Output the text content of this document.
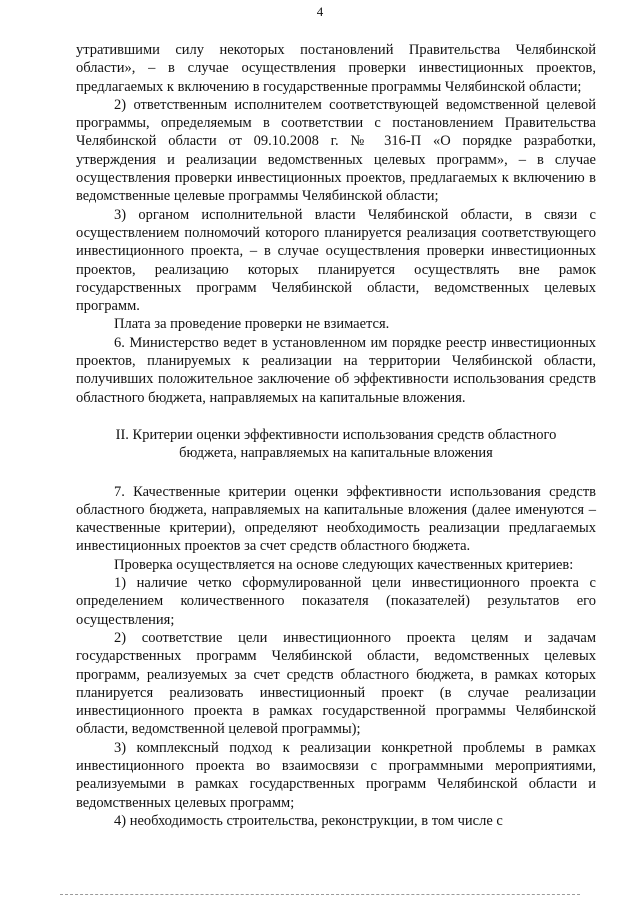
4

утратившими силу некоторых постановлений Правительства Челябинской области», – в случае осуществления проверки инвестиционных проектов, предлагаемых к включению в государственные программы Челябинской области;

2) ответственным исполнителем соответствующей ведомственной целевой программы, определяемым в соответствии с постановлением Правительства Челябинской области от 09.10.2008 г. № 316-П «О порядке разработки, утверждения и реализации ведомственных целевых программ», – в случае осуществления проверки инвестиционных проектов, предлагаемых к включению в ведомственные целевые программы Челябинской области;

3) органом исполнительной власти Челябинской области, в связи с осуществлением полномочий которого планируется реализация соответствующего инвестиционного проекта, – в случае осуществления проверки инвестиционных проектов, реализацию которых планируется осуществлять вне рамок государственных программ Челябинской области, ведомственных целевых программ.

Плата за проведение проверки не взимается.

6. Министерство ведет в установленном им порядке реестр инвестиционных проектов, планируемых к реализации на территории Челябинской области, получивших положительное заключение об эффективности использования средств областного бюджета, направляемых на капитальные вложения.

II. Критерии оценки эффективности использования средств областного бюджета, направляемых на капитальные вложения

7. Качественные критерии оценки эффективности использования средств областного бюджета, направляемых на капитальные вложения (далее именуются – качественные критерии), определяют необходимость реализации предлагаемых инвестиционных проектов за счет средств областного бюджета.

Проверка осуществляется на основе следующих качественных критериев:

1) наличие четко сформулированной цели инвестиционного проекта с определением количественного показателя (показателей) результатов его осуществления;

2) соответствие цели инвестиционного проекта целям и задачам государственных программ Челябинской области, ведомственных целевых программ, реализуемых за счет средств областного бюджета, в рамках которых планируется реализовать инвестиционный проект (в случае реализации инвестиционного проекта в рамках государственной программы Челябинской области, ведомственной целевой программы);

3) комплексный подход к реализации конкретной проблемы в рамках инвестиционного проекта во взаимосвязи с программными мероприятиями, реализуемыми в рамках государственных программ Челябинской области и ведомственных целевых программ;

4) необходимость строительства, реконструкции, в том числе с
